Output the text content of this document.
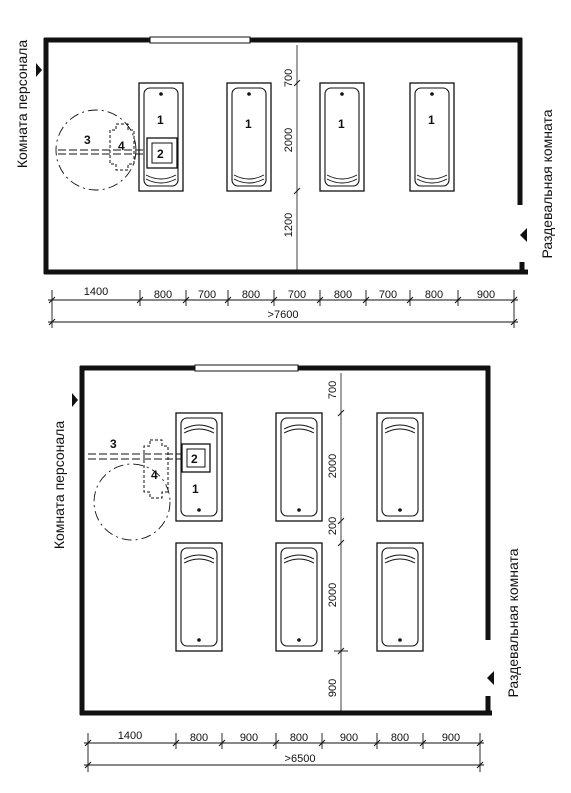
1	1	1	1
2
4
3
700
2000
1200
Комната персонала
Раздевальная комната
1400	800 700 800	700	800 700	800	900
>7600
1
2
4
3
700
2000
200
2000
900
Комната персонала
Раздевальная комната
1400	800	900	800	900	800	900
>6500
